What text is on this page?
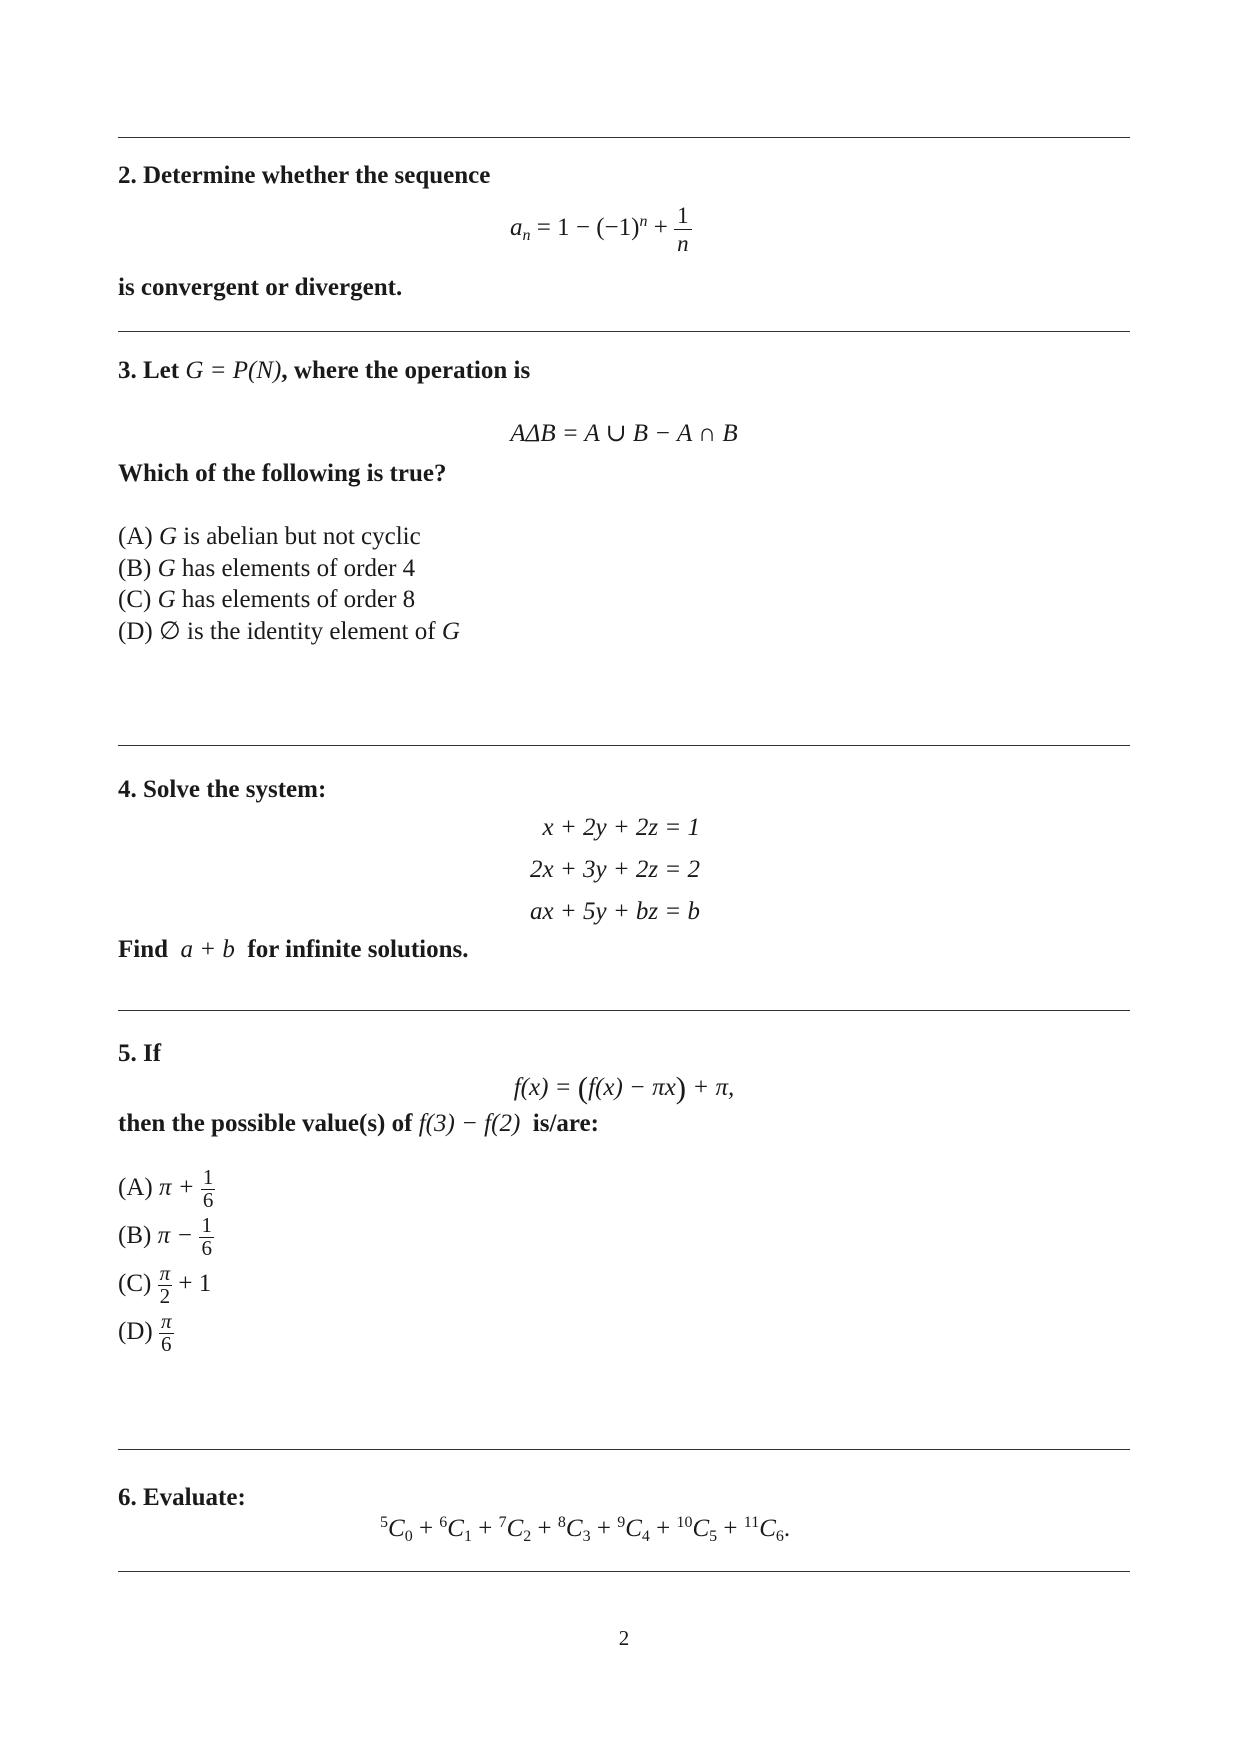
2. Determine whether the sequence
$a_n = 1 - (-1)^n + \frac{1}{n}$
is convergent or divergent.
3. Let G = P(N), where the operation is
AΔB = A ∪ B − A ∩ B
Which of the following is true?
(A) G is abelian but not cyclic
(B) G has elements of order 4
(C) G has elements of order 8
(D) ∅ is the identity element of G
4. Solve the system:
x + 2y + 2z = 1
2x + 3y + 2z = 2
ax + 5y + bz = b
Find a + b for infinite solutions.
5. If
f(x) = (f(x) − πx) + π,
then the possible value(s) of f(3) − f(2) is/are:
(A) $\pi + \frac{1}{6}$
(B) $\pi - \frac{1}{6}$
$(C) \frac{\pi}{2} + 1$
$(D) \frac{\pi}{6}$
6. Evaluate:
$^5C_0 + ^6C_1 + ^7C_2 + ^8C_3 + ^9C_4 + ^{10}C_5 + ^{11}C_6$.
2
